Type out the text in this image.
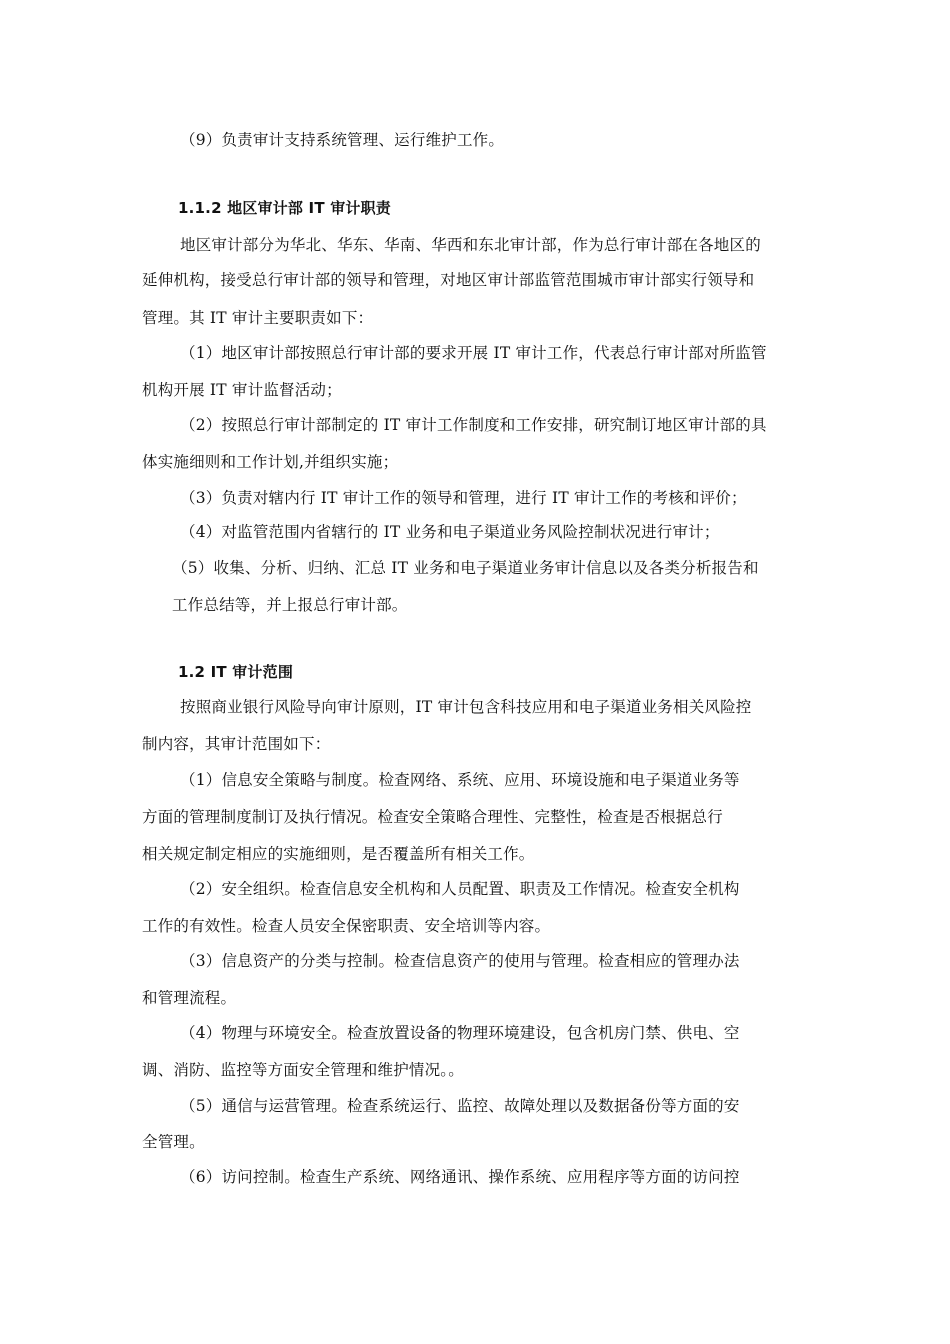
（9）负责审计支持系统管理、运行维护工作。
1.1.2 地区审计部 IT 审计职责
地区审计部分为华北、华东、华南、华西和东北审计部，作为总行审计部在各地区的
延伸机构，接受总行审计部的领导和管理，对地区审计部监管范围城市审计部实行领导和
管理。其 IT 审计主要职责如下：
（1）地区审计部按照总行审计部的要求开展 IT 审计工作，代表总行审计部对所监管
机构开展 IT 审计监督活动；
（2）按照总行审计部制定的 IT 审计工作制度和工作安排，研究制订地区审计部的具
体实施细则和工作计划,并组织实施；
（3）负责对辖内行 IT 审计工作的领导和管理，进行 IT 审计工作的考核和评价；
（4）对监管范围内省辖行的 IT 业务和电子渠道业务风险控制状况进行审计；
（5）收集、分析、归纳、汇总 IT 业务和电子渠道业务审计信息以及各类分析报告和
工作总结等，并上报总行审计部。
1.2 IT 审计范围
按照商业银行风险导向审计原则，IT 审计包含科技应用和电子渠道业务相关风险控
制内容，其审计范围如下：
（1）信息安全策略与制度。检查网络、系统、应用、环境设施和电子渠道业务等
方面的管理制度制订及执行情况。检查安全策略合理性、完整性，检查是否根据总行
相关规定制定相应的实施细则，是否覆盖所有相关工作。
（2）安全组织。检查信息安全机构和人员配置、职责及工作情况。检查安全机构
工作的有效性。检查人员安全保密职责、安全培训等内容。
（3）信息资产的分类与控制。检查信息资产的使用与管理。检查相应的管理办法
和管理流程。
（4）物理与环境安全。检查放置设备的物理环境建设，包含机房门禁、供电、空
调、消防、监控等方面安全管理和维护情况。。
（5）通信与运营管理。检查系统运行、监控、故障处理以及数据备份等方面的安
全管理。
（6）访问控制。检查生产系统、网络通讯、操作系统、应用程序等方面的访问控
